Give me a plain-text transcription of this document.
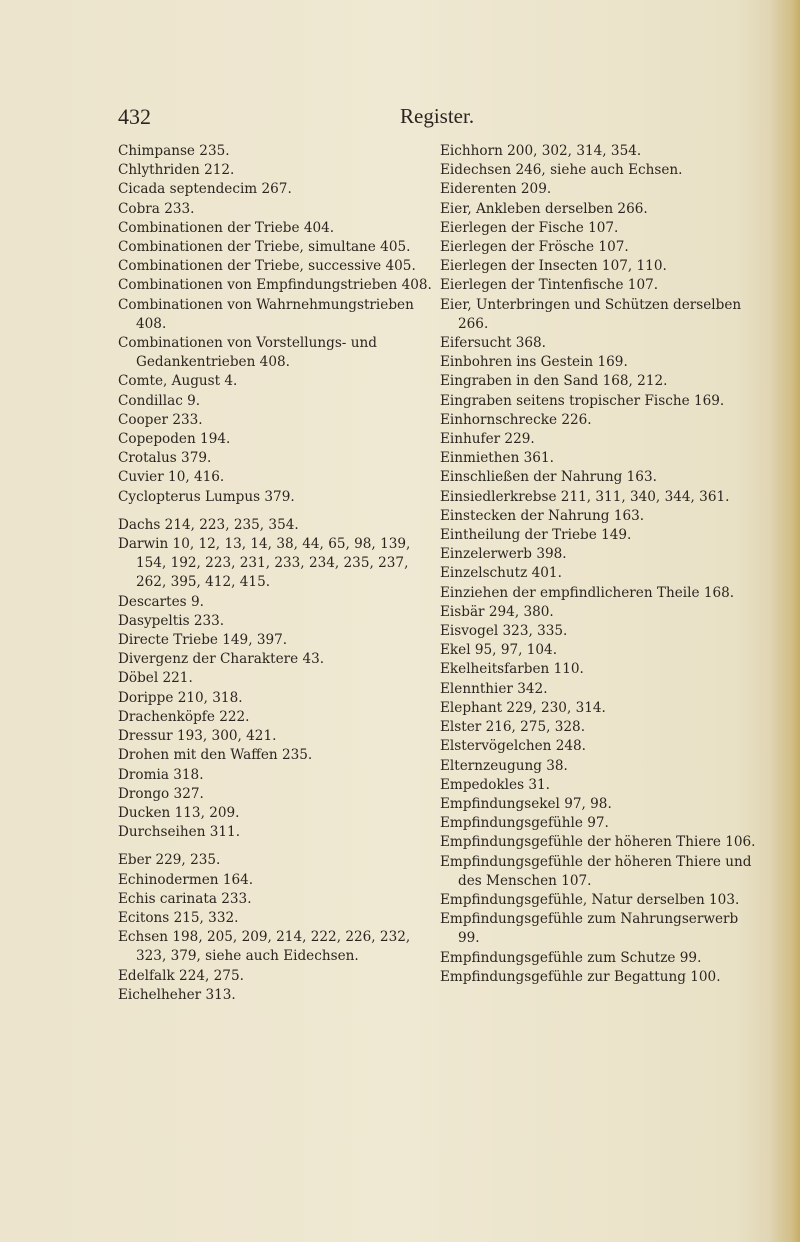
432	Register.

Chimpanse 235.

Chlythriden 212.

Cicada septendecim 267.

Cobra 233.

Combinationen der Triebe 404.

Combinationen der Triebe, simultane 405.

Combinationen der Triebe, successive 405.

Combinationen von Empfindungstrieben 408.

Combinationen von Wahrnehmungstrieben 408.

Combinationen von Vorstellungs- und Gedankentrieben 408.

Comte, August 4.

Condillac 9.

Cooper 233.

Copepoden 194.

Crotalus 379.

Cuvier 10, 416.

Cyclopterus Lumpus 379.

Dachs 214, 223, 235, 354.

Darwin 10, 12, 13, 14, 38, 44, 65, 98, 139, 154, 192, 223, 231, 233, 234, 235, 237, 262, 395, 412, 415.

Descartes 9.

Dasypeltis 233.

Directe Triebe 149, 397.

Divergenz der Charaktere 43.

Döbel 221.

Dorippe 210, 318.

Drachenköpfe 222.

Dressur 193, 300, 421.

Drohen mit den Waffen 235.

Dromia 318.

Drongo 327.

Ducken 113, 209.

Durchseihen 311.

Eber 229, 235.

Echinodermen 164.

Echis carinata 233.

Ecitons 215, 332.

Echsen 198, 205, 209, 214, 222, 226, 232, 323, 379, siehe auch Eidechsen.

Edelfalk 224, 275.

Eichelheher 313.

Eichhorn 200, 302, 314, 354.

Eidechsen 246, siehe auch Echsen.

Eiderenten 209.

Eier, Ankleben derselben 266.

Eierlegen der Fische 107.

Eierlegen der Frösche 107.

Eierlegen der Insecten 107, 110.

Eierlegen der Tintenfische 107.

Eier, Unterbringen und Schützen derselben 266.

Eifersucht 368.

Einbohren ins Gestein 169.

Eingraben in den Sand 168, 212.

Eingraben seitens tropischer Fische 169.

Einhornschrecke 226.

Einhufer 229.

Einmiethen 361.

Einschließen der Nahrung 163.

Einsiedlerkrebse 211, 311, 340, 344, 361.

Einstecken der Nahrung 163.

Eintheilung der Triebe 149.

Einzelerwerb 398.

Einzelschutz 401.

Einziehen der empfindlicheren Theile 168.

Eisbär 294, 380.

Eisvogel 323, 335.

Ekel 95, 97, 104.

Ekelheitsfarben 110.

Elennthier 342.

Elephant 229, 230, 314.

Elster 216, 275, 328.

Elstervögelchen 248.

Elternzeugung 38.

Empedokles 31.

Empfindungsekel 97, 98.

Empfindungsgefühle 97.

Empfindungsgefühle der höheren Thiere 106.

Empfindungsgefühle der höheren Thiere und des Menschen 107.

Empfindungsgefühle, Natur derselben 103.

Empfindungsgefühle zum Nahrungserwerb 99.

Empfindungsgefühle zum Schutze 99.

Empfindungsgefühle zur Begattung 100.
